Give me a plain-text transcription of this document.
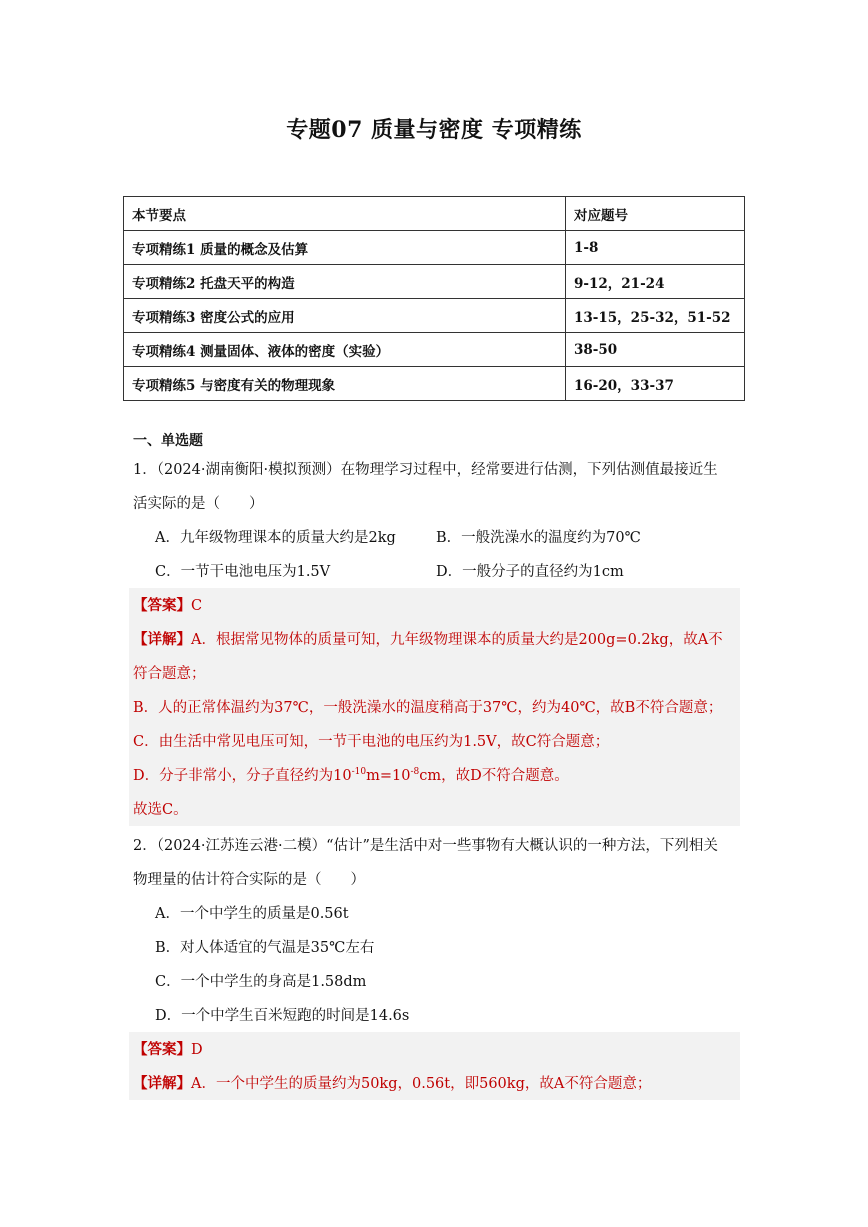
专题07 质量与密度 专项精练
本节要点	对应题号
专项精练1 质量的概念及估算	1-8
专项精练2 托盘天平的构造	9-12，21-24
专项精练3 密度公式的应用	13-15，25-32，51-52
专项精练4 测量固体、液体的密度（实验）	38-50
专项精练5 与密度有关的物理现象	16-20，33-37
一、单选题
1．（2024·湖南衡阳·模拟预测）在物理学习过程中，经常要进行估测，下列估测值最接近生
活实际的是（　　）
A．九年级物理课本的质量大约是2kg	B．一般洗澡水的温度约为70℃
C．一节干电池电压为1.5V	D．一般分子的直径约为1cm
【答案】C
【详解】A．根据常见物体的质量可知，九年级物理课本的质量大约是200g=0.2kg，故A不
符合题意；
B．人的正常体温约为37℃，一般洗澡水的温度稍高于37℃，约为40℃，故B不符合题意；
C．由生活中常见电压可知，一节干电池的电压约为1.5V，故C符合题意；
D．分子非常小，分子直径约为$10^{-10}m=10^{-8}cm$，故D不符合题意。
故选C。
2．（2024·江苏连云港·二模）“估计”是生活中对一些事物有大概认识的一种方法，下列相关
物理量的估计符合实际的是（　　）
A．一个中学生的质量是0.56t
B．对人体适宜的气温是35℃左右
C．一个中学生的身高是1.58dm
D．一个中学生百米短跑的时间是14.6s
【答案】D
【详解】A．一个中学生的质量约为50kg，0.56t，即560kg，故A不符合题意；
